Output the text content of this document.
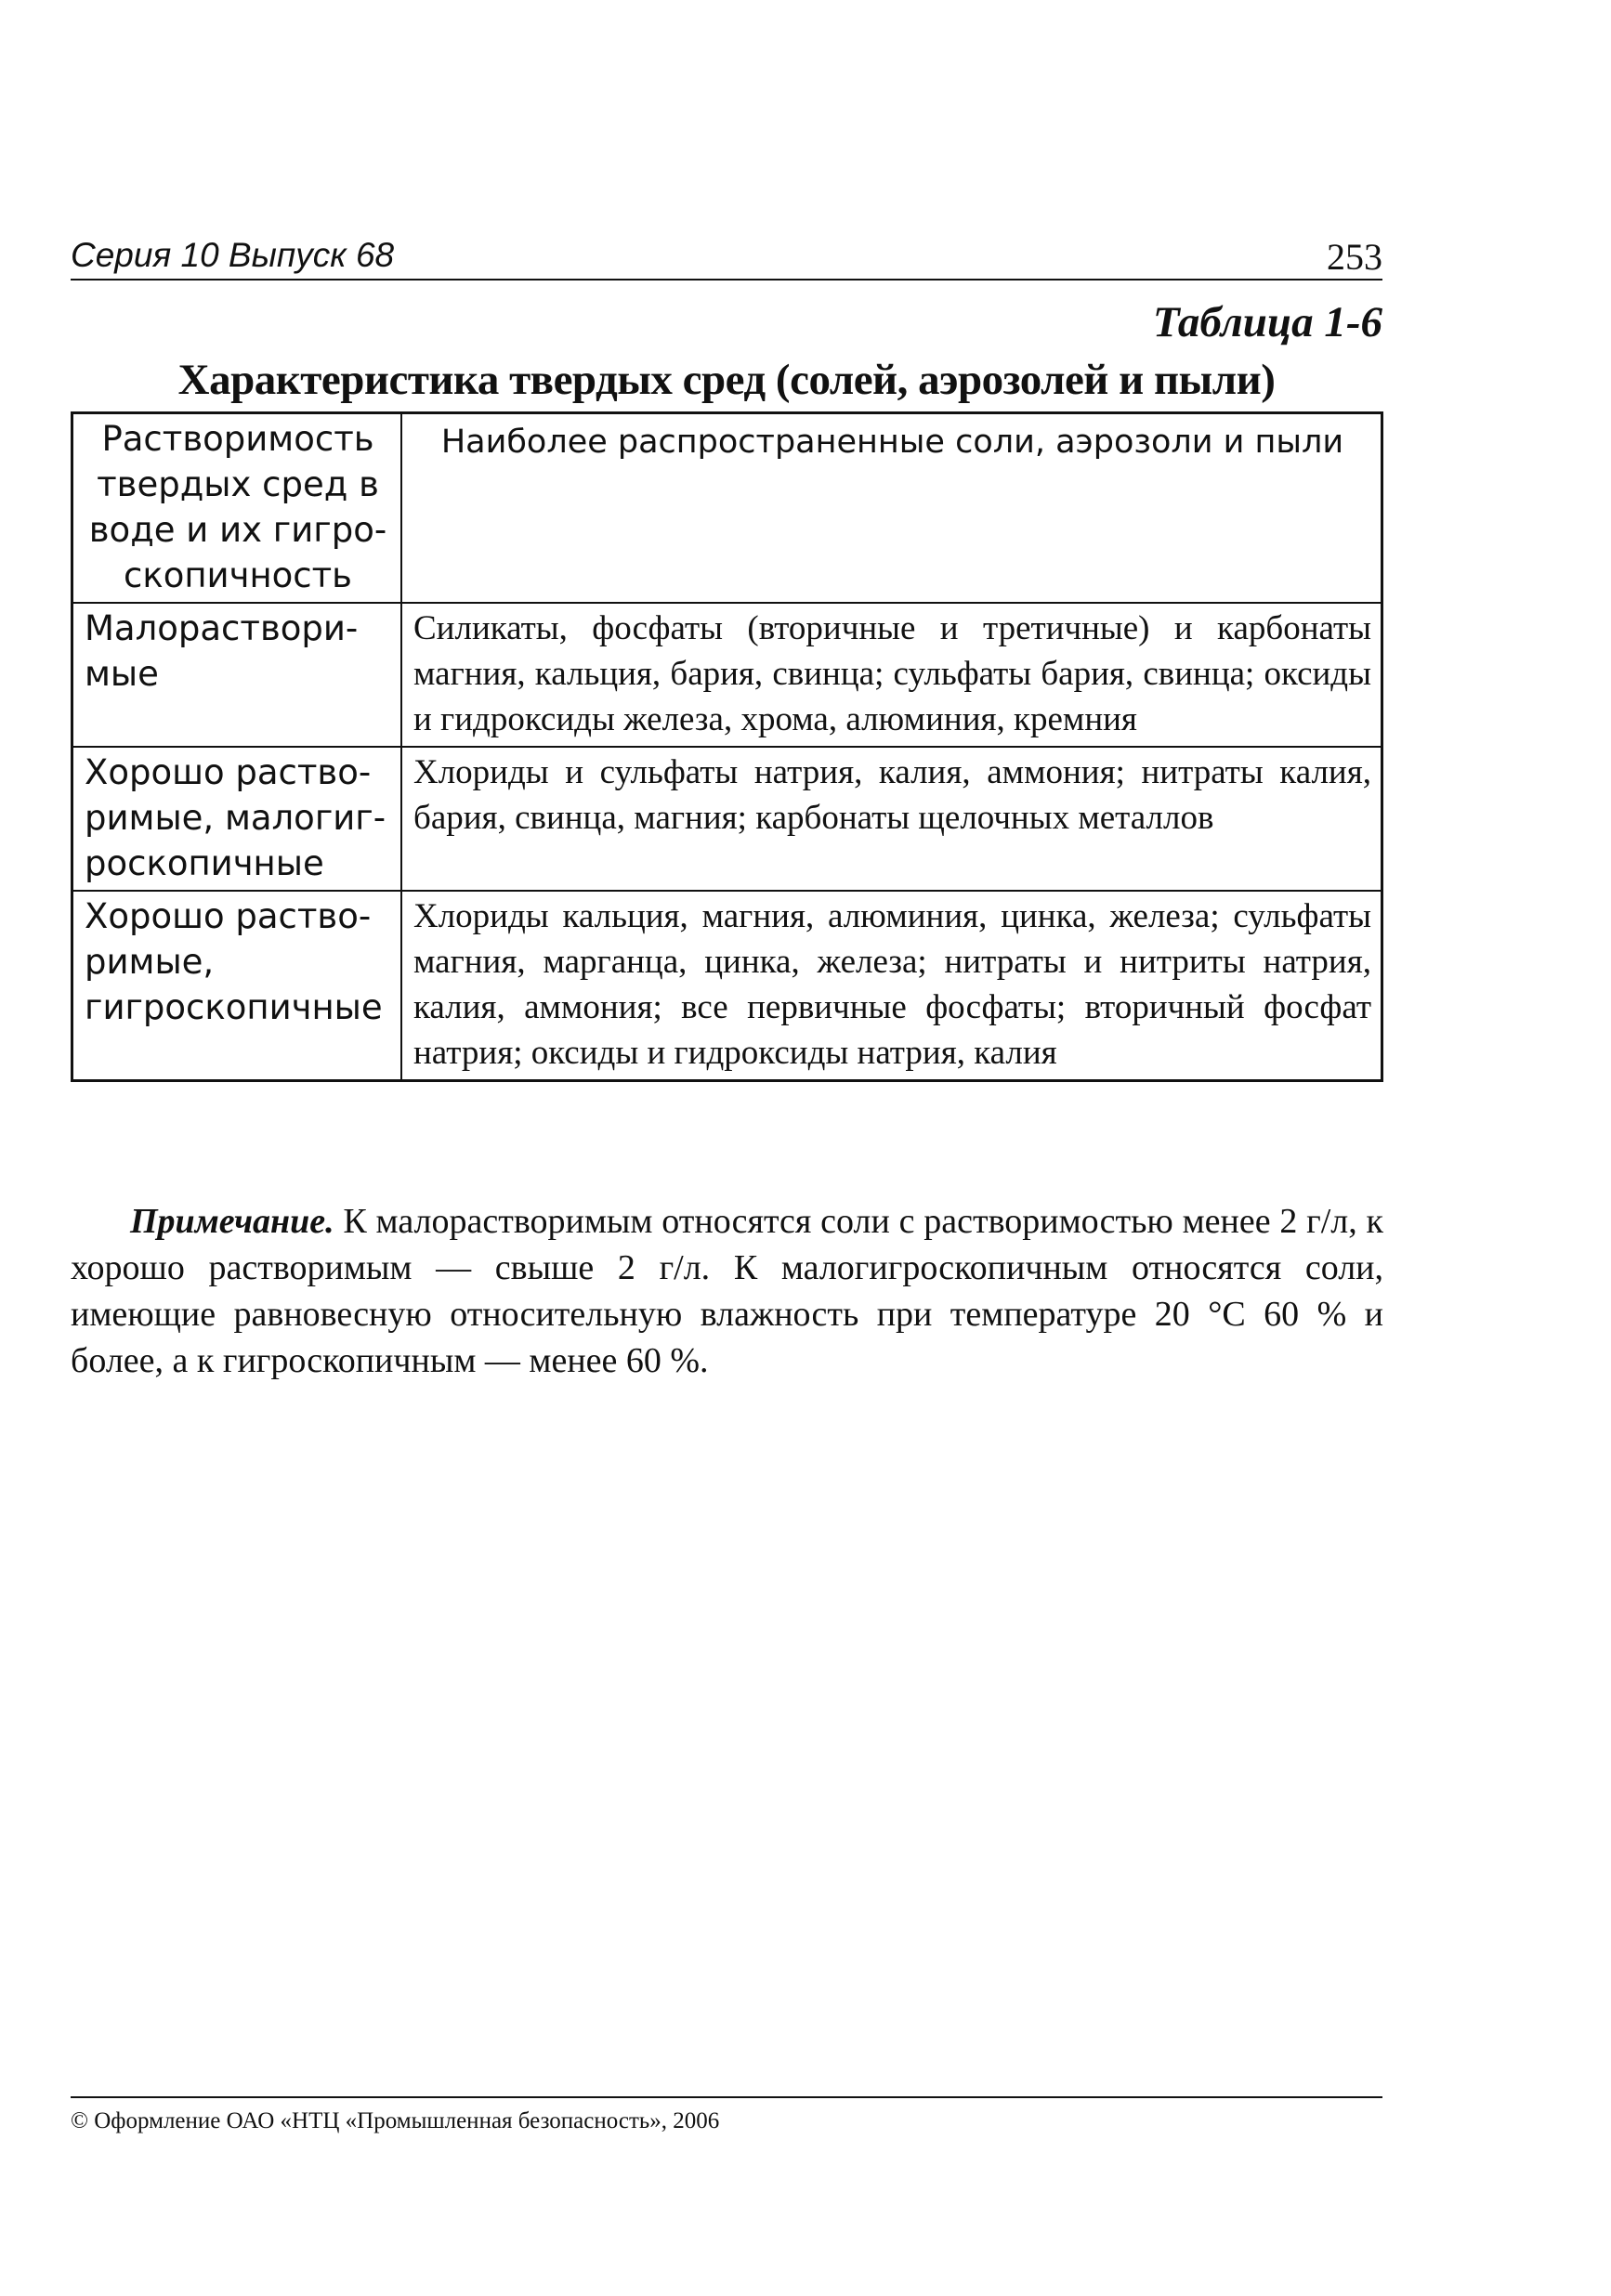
Серия 10 Выпуск 68	253
Таблица 1-6
Характеристика твердых сред (солей, аэрозолей и пыли)
Растворимость твердых сред в воде и их гигроскопичность	Наиболее распространенные соли, аэрозоли и пыли
Малорастворимые	Силикаты, фосфаты (вторичные и третичные) и карбонаты магния, кальция, бария, свинца; сульфаты бария, свинца; оксиды и гидроксиды железа, хрома, алюминия, кремния
Хорошо растворимые, малогигроскопичные	Хлориды и сульфаты натрия, калия, аммония; нитраты калия, бария, свинца, магния; карбонаты щелочных металлов
Хорошо растворимые, гигроскопичные	Хлориды кальция, магния, алюминия, цинка, железа; сульфаты магния, марганца, цинка, железа; нитраты и нитриты натрия, калия, аммония; все первичные фосфаты; вторичный фосфат натрия; оксиды и гидроксиды натрия, калия

Примечание. К малорастворимым относятся соли с растворимостью менее 2 г/л, к хорошо растворимым — свыше 2 г/л. К малогигроскопичным относятся соли, имеющие равновесную относительную влажность при температуре 20 °С 60 % и более, а к гигроскопичным — менее 60 %.

© Оформление ОАО «НТЦ «Промышленная безопасность», 2006
